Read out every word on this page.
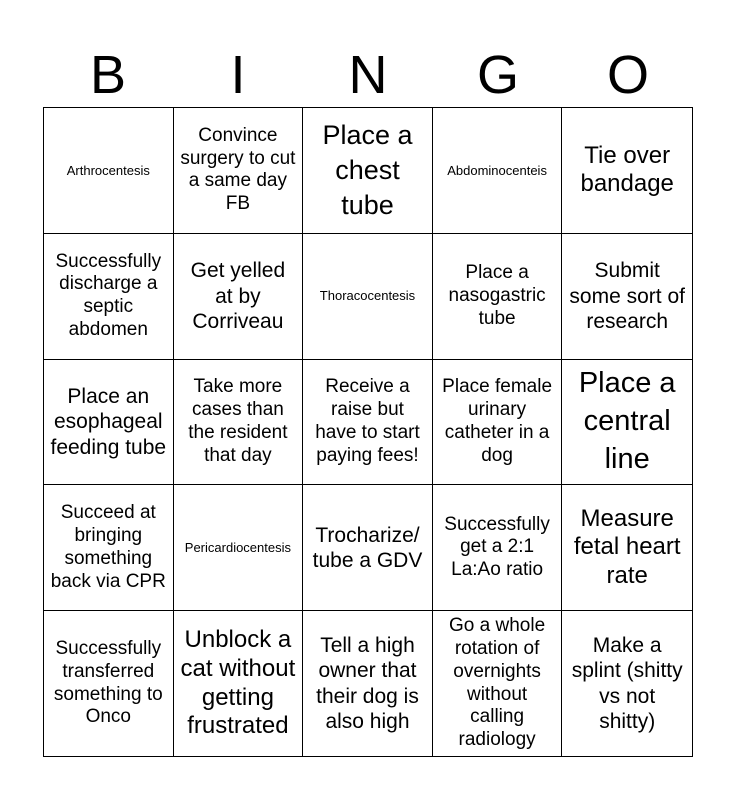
B	I	N	G	O
Arthrocentesis
Convince surgery to cut a same day FB
Place a chest tube
Abdominocenteis
Tie over bandage
Successfully discharge a septic abdomen
Get yelled at by Corriveau
Thoracocentesis
Place a nasogastric tube
Submit some sort of research
Place an esophageal feeding tube
Take more cases than the resident that day
Receive a raise but have to start paying fees!
Place female urinary catheter in a dog
Place a central line
Succeed at bringing something back via CPR
Pericardiocentesis
Trocharize/ tube a GDV
Successfully get a 2:1 La:Ao ratio
Measure fetal heart rate
Successfully transferred something to Onco
Unblock a cat without getting frustrated
Tell a high owner that their dog is also high
Go a whole rotation of overnights without calling radiology
Make a splint (shitty vs not shitty)
